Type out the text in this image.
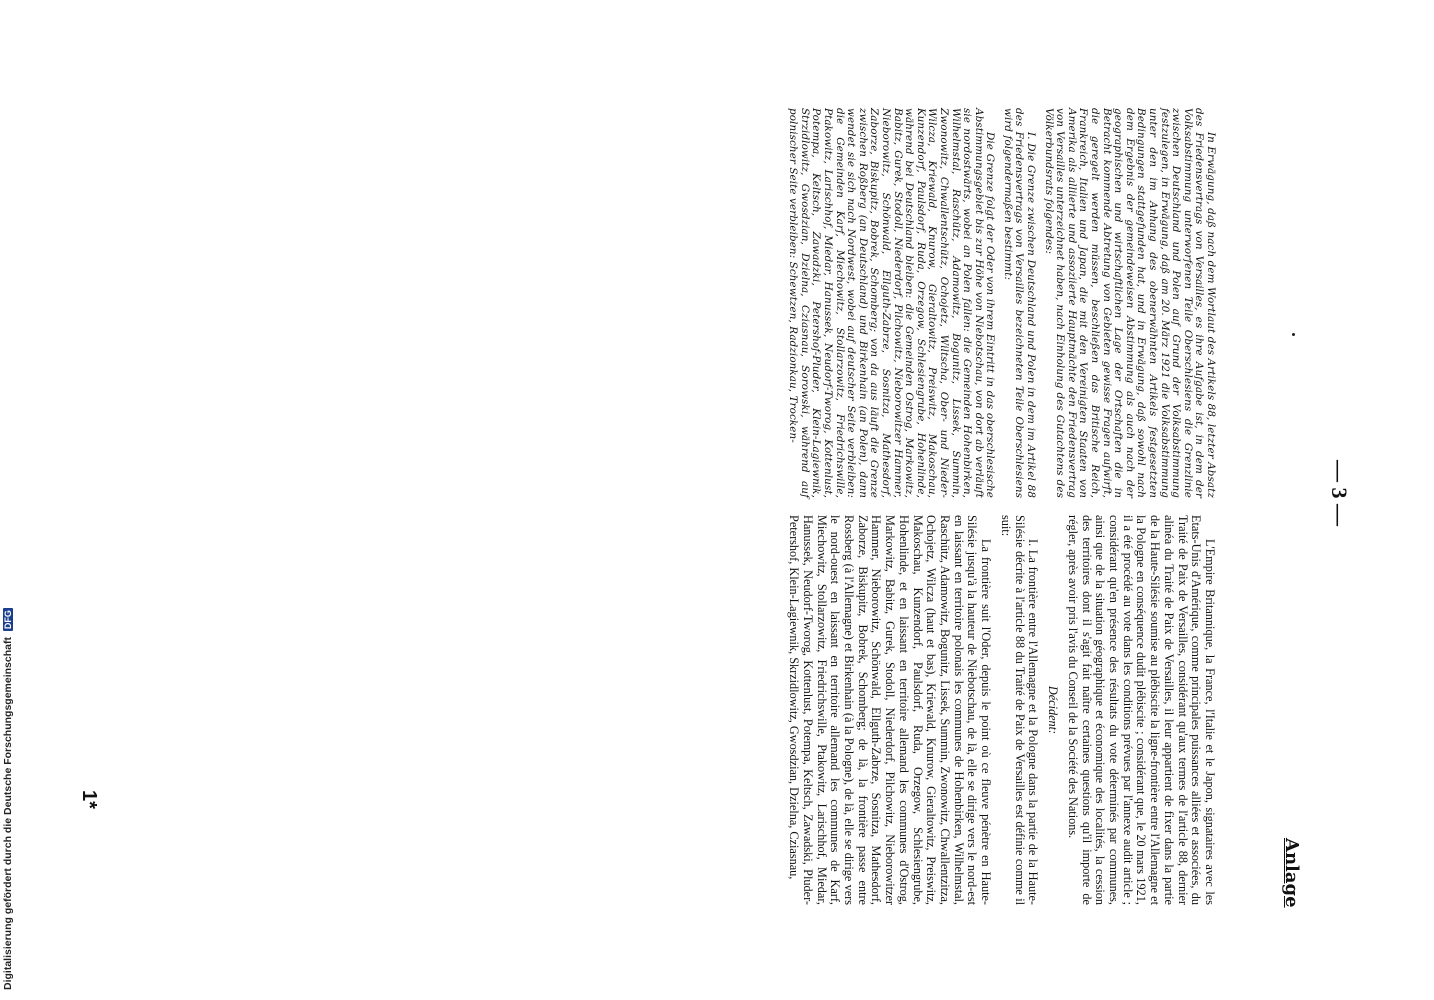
Digitalisierung gefördert durch die Deutsche Forschungsgemeinschaft DFG
Anlage
— 3 —

L'Empire Britannique, la France, l'Italie et le Japon, signataires avec les Etats-Unis d'Amérique, comme principales puissances alliées et associées, du Traité de Paix de Versailles, considérant qu'aux termes de l'article 88, dernier alinéa du Traité de Paix de Versailles, il leur appartient de fixer dans la partie de la Haute-Silésie soumise au plébiscite la ligne-frontière entre l'Allemagne et la Pologne en conséquence dudit plébiscite ; considérant que, le 20 mars 1921, il a été procédé au vote dans les conditions prévues par l'annexe audit article ; considérant qu'en présence des résultats du vote déterminés par communes, ainsi que de la situation géographique et économique des localités, la cession des territoires dont il s'agit fait naître certaines questions qu'il importe de régler, après avoir pris l'avis du Conseil de la Société des Nations.

Décident:

I. La frontière entre l'Allemagne et la Pologne dans la partie de la Haute-Silésie décrite à l'article 88 du Traité de Paix de Versailles est définie comme il suit:

La frontière suit l'Oder, depuis le point où ce fleuve pénètre en Haute-Silésie jusqu'à la hauteur de Niebotschau, de là, elle se dirige vers le nord-est en laissant en territoire polonais les communes de Hohenbirken, Wilhelmstal, Raschütz, Adamowitz, Bogunitz, Lissek, Summin, Zwonowitz, Chwallentzitza, Ochojetz, Wilcza (haut et bas), Kriewald, Knurow, Gieraltowitz, Preiswitz, Makoschau, Kunzendorf, Paulsdorf, Ruda, Orzegow, Schlesiengrube, Hohenlinde, et en laissant en territoire allemand les communes d'Ostrog, Markowitz, Babitz, Gurek, Stodoll, Niederdorf, Pilchowitz, Nieborowitzer Hammer, Nieborowitz, Schönwald, Ellguth-Zabrze, Sosnitza, Mathesdorf, Zaborze, Biskupitz, Bobrek, Schomberg; de là, la frontière passe entre Rossberg (à l'Allemagne) et Birkenhain (à la Pologne), de là, elle se dirige vers le nord-ouest en laissant en territoire allemand les communes de Karf, Miechowitz, Stollarzowitz, Friedrichswille, Ptakowitz, Larischhof, Miedar, Hanussek, Neudorf-Tworog, Kottenlust, Potempa, Keltsch, Zawadski, Pluder-Petershof, Klein-Lagiewnik, Skrzidlowitz, Gwosdzian, Dzielna, Cziasnau,

In Erwägung, daß nach dem Wortlaut des Artikels 88, letzter Absatz des Friedensvertrags von Versailles, es ihre Aufgabe ist, in dem der Volksabstimmung unterworfenen Teile Oberschlesiens die Grenzlinie zwischen Deutschland und Polen auf Grund der Volksabstimmung festzulegen, in Erwägung, daß am 20. März 1921 die Volksabstimmung unter den im Anhang des obenerwähnten Artikels festgesetzten Bedingungen stattgefunden hat, und in Erwägung, daß sowohl nach dem Ergebnis der gemeindeweisen Abstimmung als auch nach der geographischen und wirtschaftlichen Lage der Ortschaften die in Betracht kommende Abtretung von Gebieten gewisse Fragen aufwirft, die geregelt werden müssen, beschließen das Britische Reich, Frankreich, Italien und Japan, die mit den Vereinigten Staaten von Amerika als alliierte und assoziierte Hauptmächte den Friedensvertrag von Versailles unterzeichnet haben, nach Einholung des Gutachtens des Völkerbundsrats folgendes:

I. Die Grenze zwischen Deutschland und Polen in dem im Artikel 88 des Friedensvertrags von Versailles bezeichneten Teile Oberschlesiens wird folgendermaßen bestimmt:

Die Grenze folgt der Oder von ihrem Eintritt in das oberschlesische Abstimmungsgebiet bis zur Höhe von Niebotschau, von dort ab verläuft sie nordostwärts, wobei an Polen fallen: die Gemeinden Hohenbirken, Wilhelmstal, Raschütz, Adamowitz, Bogunitz, Lissek, Summin, Zwonowitz, Chwallentschütz, Ochojetz, Wiltscha, Ober- und Nieder-Wilcza, Kriewald, Knurow, Gieraltowitz, Preiswitz, Makoschau, Kunzendorf, Paulsdorf, Ruda, Orzegow, Schlesiengrube, Hohenlinde, während bei Deutschland bleiben: die Gemeinden Ostrog, Markowitz, Babitz, Gurek, Stodoll, Niederdorf, Pilchowitz, Nieborowitzer Hammer, Nieborowitz, Schönwald, Ellguth-Zabrze, Sosnitza, Mathesdorf, Zaborze, Biskupitz, Bobrek, Schomberg; von da aus läuft die Grenze zwischen Roßberg (an Deutschland) und Birkenhain (an Polen), dann wendet sie sich nach Nordwest, wobei auf deutscher Seite verbleiben: die Gemeinden Karf, Miechowitz, Stollarzowitz, Friedrichswille, Ptakowitz, Larischhof, Miedar, Hanussek, Neudorf-Tworog, Kottenlust, Potempa, Keltsch, Zawadzki, Petershof-Pluder, Klein-Lagiewnik, Strzidlowitz, Gwosdzian, Dzielna, Cziasnau, Sorowski, während auf polnischer Seite verbleiben: Schewtzen, Radzionkau, Trocken-

1*
